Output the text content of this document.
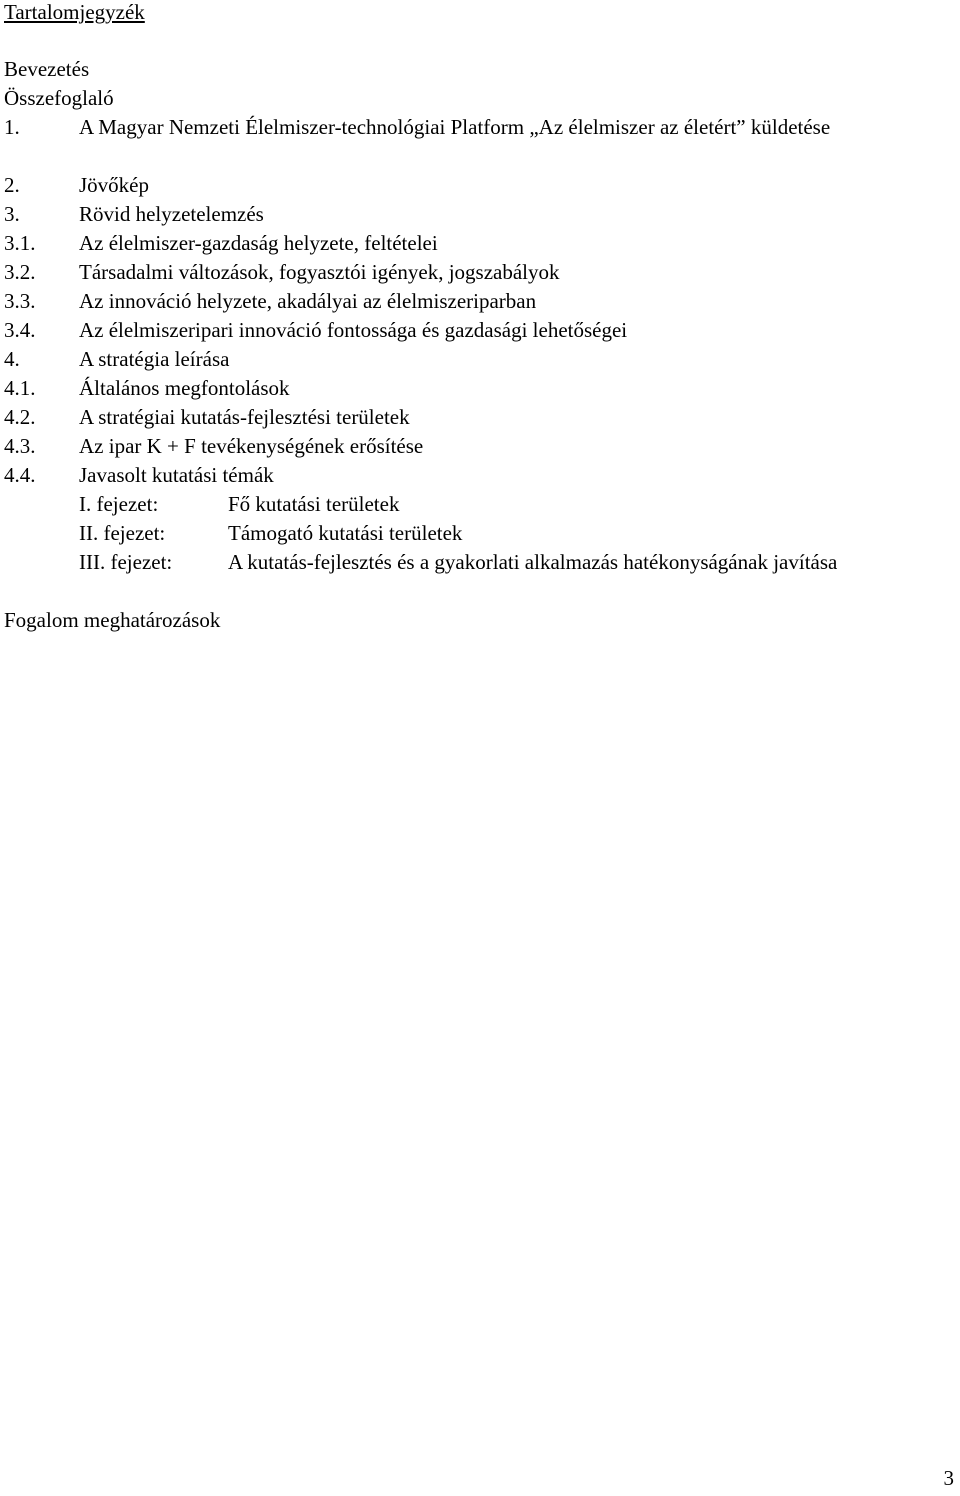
Tartalomjegyzék
Bevezetés
Összefoglaló
1.	A Magyar Nemzeti Élelmiszer-technológiai Platform „Az élelmiszer az életért” küldetése
2.	Jövőkép
3.	Rövid helyzetelemzés
3.1. Az élelmiszer-gazdaság helyzete, feltételei
3.2. Társadalmi változások, fogyasztói igények, jogszabályok
3.3. Az innováció helyzete, akadályai az élelmiszeriparban
3.4. Az élelmiszeripari innováció fontossága és gazdasági lehetőségei
4.	A stratégia leírása
4.1. Általános megfontolások
4.2. A stratégiai kutatás-fejlesztési területek
4.3. Az ipar K + F tevékenységének erősítése
4.4. Javasolt kutatási témák
I. fejezet:	Fő kutatási területek
II. fejezet:	Támogató kutatási területek
III. fejezet:	A kutatás-fejlesztés és a gyakorlati alkalmazás hatékonyságának javítása
Fogalom meghatározások
3
